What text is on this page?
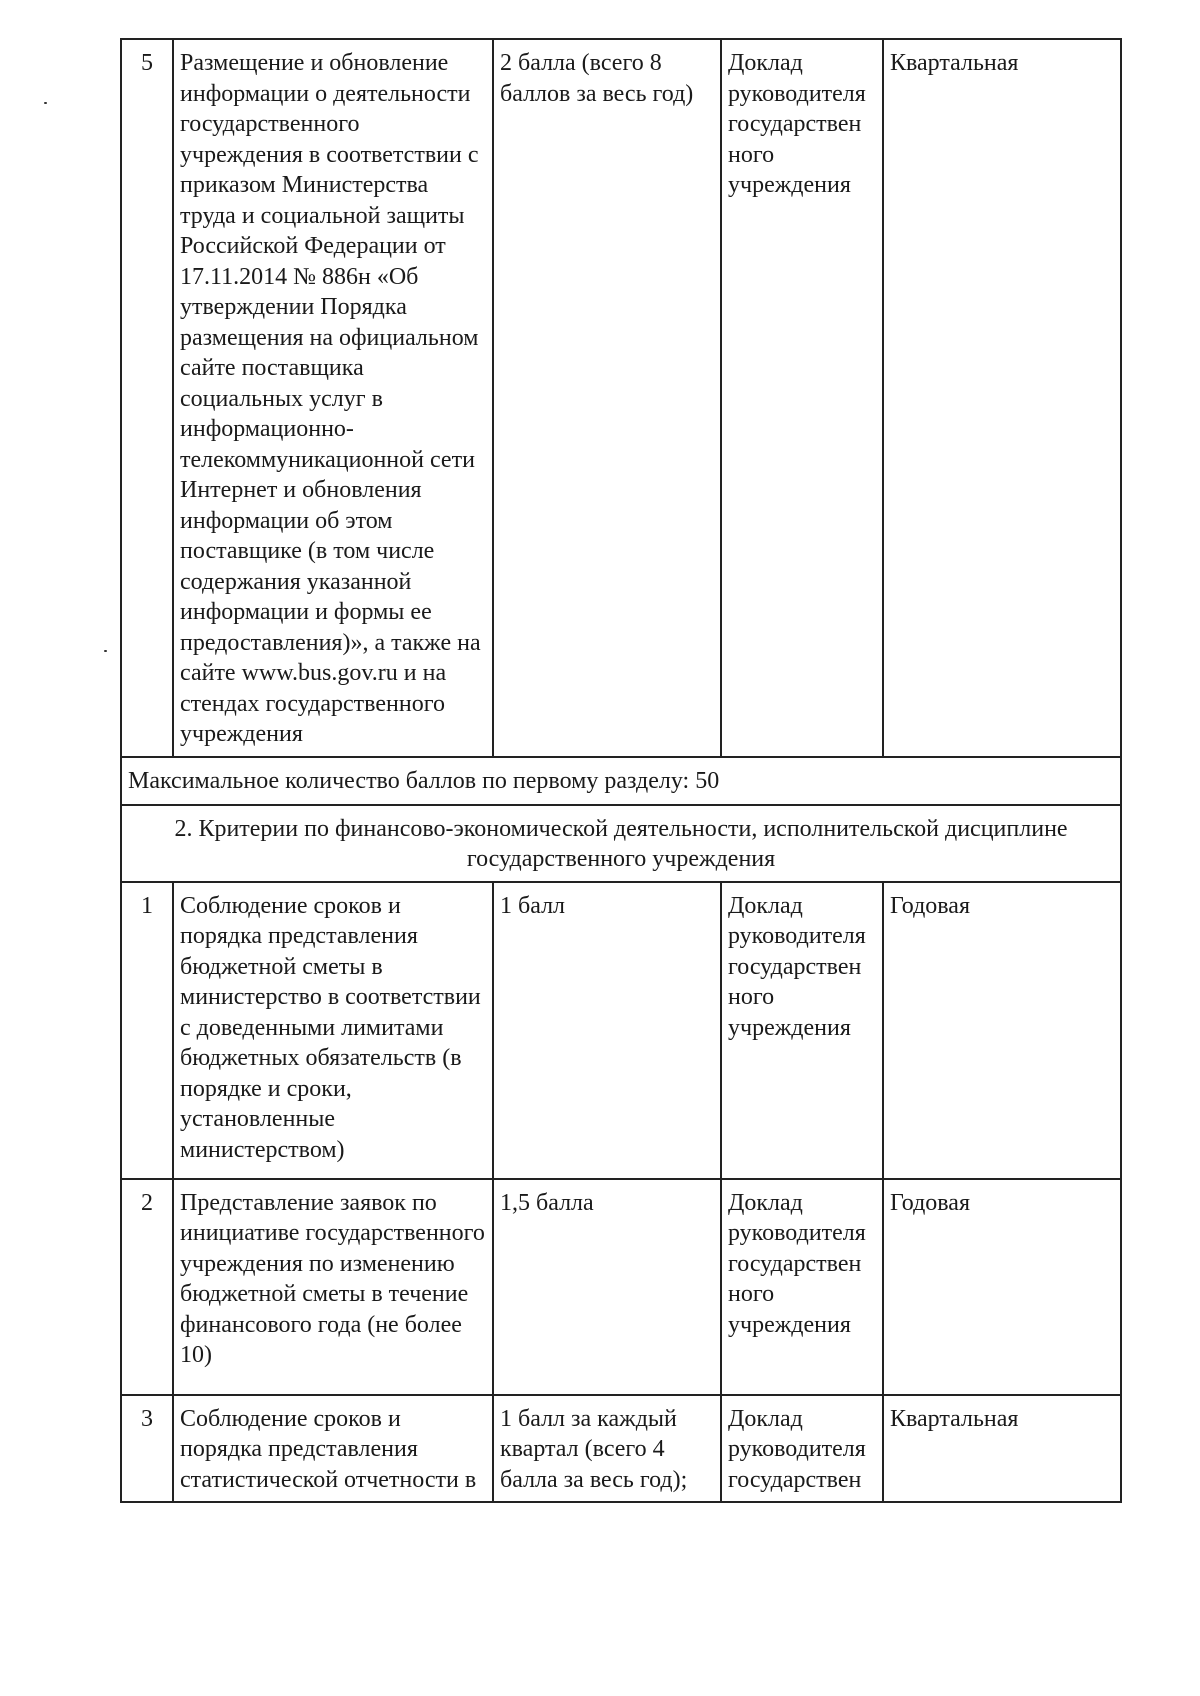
5	Размещение и обновление информации о деятельности государственного учреждения в соответствии с приказом Министерства труда и социальной защиты Российской Федерации от 17.11.2014 № 886н «Об утверждении Порядка размещения на официальном сайте поставщика социальных услуг в информационно-телекоммуникационной сети Интернет и обновления информации об этом поставщике (в том числе содержания указанной информации и формы ее предоставления)», а также на сайте www.bus.gov.ru и на стендах государственного учреждения	2 балла (всего 8 баллов за весь год)	Доклад руководителя государствен ного учреждения	Квартальная
Максимальное количество баллов по первому разделу: 50				
2. Критерии по финансово-экономической деятельности, исполнительской дисциплине государственного учреждения				
1	Соблюдение сроков и порядка представления бюджетной сметы в министерство в соответствии с доведенными лимитами бюджетных обязательств (в порядке и сроки, установленные министерством)	1 балл	Доклад руководителя государствен ного учреждения	Годовая
2	Представление заявок по инициативе государственного учреждения по изменению бюджетной сметы в течение финансового года (не более 10)	1,5 балла	Доклад руководителя государствен ного учреждения	Годовая
3	Соблюдение сроков и порядка представления статистической отчетности в	1 балл за каждый квартал (всего 4 балла за весь год);	Доклад руководителя государствен	Квартальная
